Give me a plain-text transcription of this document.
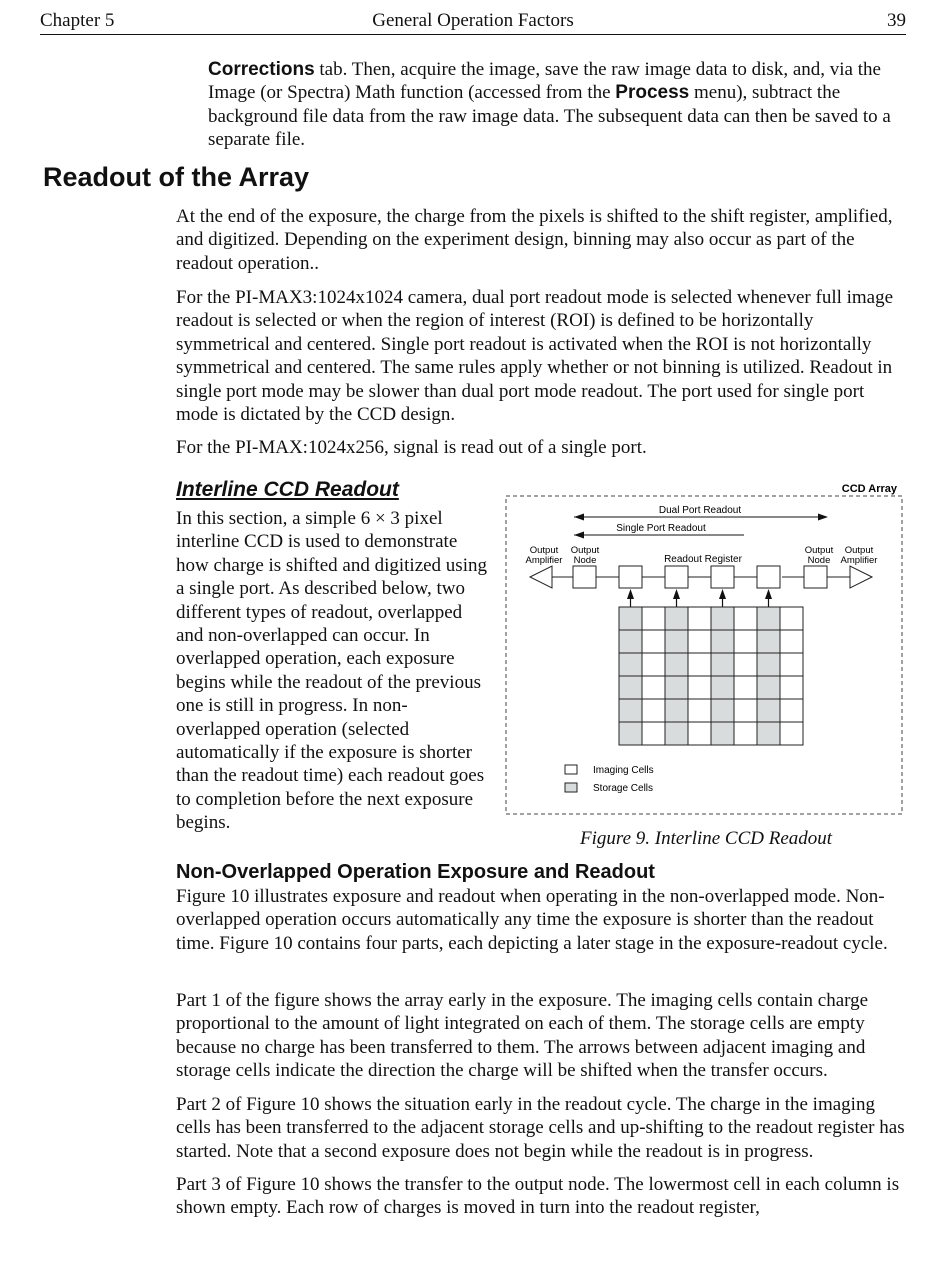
Chapter 5	General Operation Factors	39

Corrections tab. Then, acquire the image, save the raw image data to disk, and, via the Image (or Spectra) Math function (accessed from the Process menu), subtract the background file data from the raw image data. The subsequent data can then be saved to a separate file.

Readout of the Array

At the end of the exposure, the charge from the pixels is shifted to the shift register, amplified, and digitized. Depending on the experiment design, binning may also occur as part of the readout operation..

For the PI-MAX3:1024x1024 camera, dual port readout mode is selected whenever full image readout is selected or when the region of interest (ROI) is defined to be horizontally symmetrical and centered. Single port readout is activated when the ROI is not horizontally symmetrical and centered. The same rules apply whether or not binning is utilized. Readout in single port mode may be slower than dual port mode readout. The port used for single port mode is dictated by the CCD design.

For the PI-MAX:1024x256, signal is read out of a single port.

Interline CCD Readout

In this section, a simple 6 × 3 pixel interline CCD is used to demonstrate how charge is shifted and digitized using a single port. As described below, two different types of readout, overlapped and non-overlapped can occur. In overlapped operation, each exposure begins while the readout of the previous one is still in progress. In non-overlapped operation (selected automatically if the exposure is shorter than the readout time) each readout goes to completion before the next exposure begins.

CCD Array
Dual Port Readout
Single Port Readout
Output
Amplifier
Output
Node	Readout Register
Output
Node
Output
Amplifier
Imaging Cells
Storage Cells
Figure 9. Interline CCD Readout
Non-Overlapped Operation Exposure and Readout

Figure 10 illustrates exposure and readout when operating in the non-overlapped mode. Non-overlapped operation occurs automatically any time the exposure is shorter than the readout time. Figure 10 contains four parts, each depicting a later stage in the exposure-readout cycle.

Part 1 of the figure shows the array early in the exposure. The imaging cells contain charge proportional to the amount of light integrated on each of them. The storage cells are empty because no charge has been transferred to them. The arrows between adjacent imaging and storage cells indicate the direction the charge will be shifted when the transfer occurs.

Part 2 of Figure 10 shows the situation early in the readout cycle. The charge in the imaging cells has been transferred to the adjacent storage cells and up-shifting to the readout register has started. Note that a second exposure does not begin while the readout is in progress.

Part 3 of Figure 10 shows the transfer to the output node. The lowermost cell in each column is shown empty. Each row of charges is moved in turn into the readout register,
